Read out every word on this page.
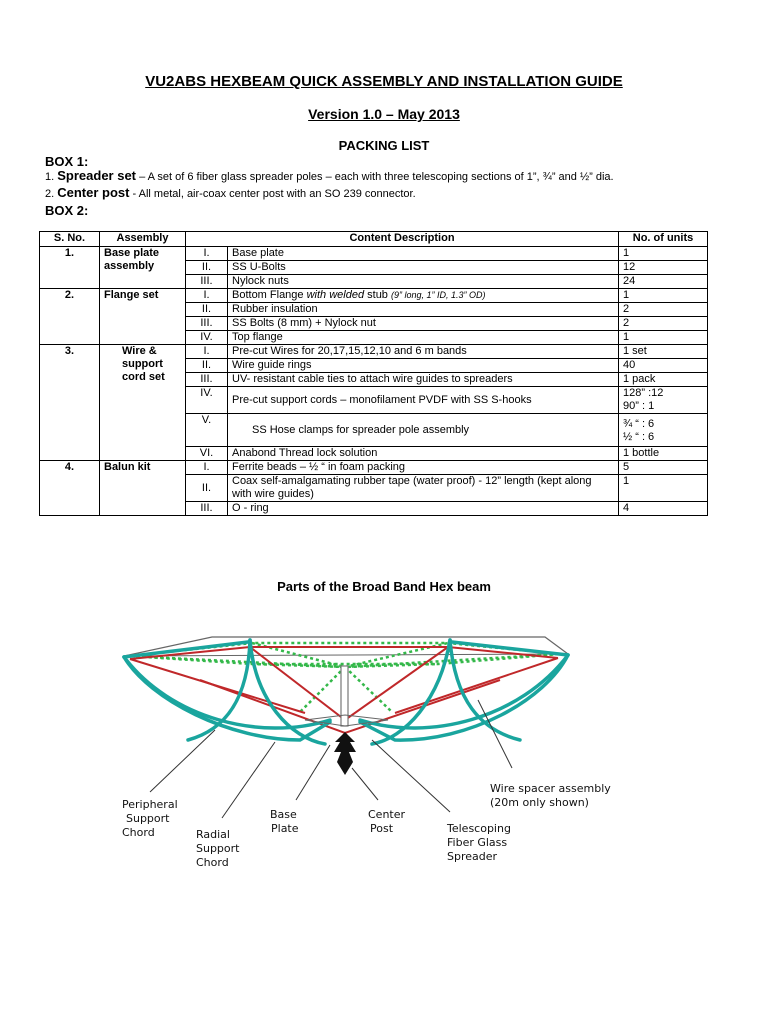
VU2ABS HEXBEAM QUICK ASSEMBLY AND INSTALLATION GUIDE
Version 1.0 – May 2013
PACKING LIST
BOX 1:
1. Spreader set – A set of 6 fiber glass spreader poles – each with three telescoping sections of 1”, ¾” and ½” dia.
2. Center post - All metal, air-coax center post with an SO 239 connector.
BOX 2:
S. No.	Assembly	Content Description		No. of units
1.	Base plate assembly	I.	Base plate	1
		II.	SS U-Bolts	12
		III.	Nylock nuts	24
2.	Flange set	I.	Bottom Flange with welded stub (9” long, 1” ID, 1.3” OD)	1
		II.	Rubber insulation	2
		III.	SS Bolts (8 mm) + Nylock nut	2
		IV.	Top flange	1
3.	Wire & support cord set	I.	Pre-cut Wires for 20,17,15,12,10 and 6 m bands	1 set
		II.	Wire guide rings	40
		III.	UV- resistant cable ties to attach wire guides to spreaders	1 pack
		IV.	Pre-cut support cords – monofilament PVDF with SS S-hooks	128” :12
90” : 1

		V.	SS Hose clamps for spreader pole assembly	¾ “ : 6
½ “ : 6

		VI.	Anabond Thread lock solution	1 bottle
4.	Balun kit	I.	Ferrite beads – ½ “ in foam packing	5
		II.	Coax self-amalgamating rubber tape (water proof) - 12” length (kept along with wire guides)	1
		III.	O - ring	4
Parts of the Broad Band Hex beam
Peripheral Support Chord	Radial Support Chord
Base Plate
Center Post	Telescoping Fiber Glass Spreader
Wire spacer assembly (20m only shown)
